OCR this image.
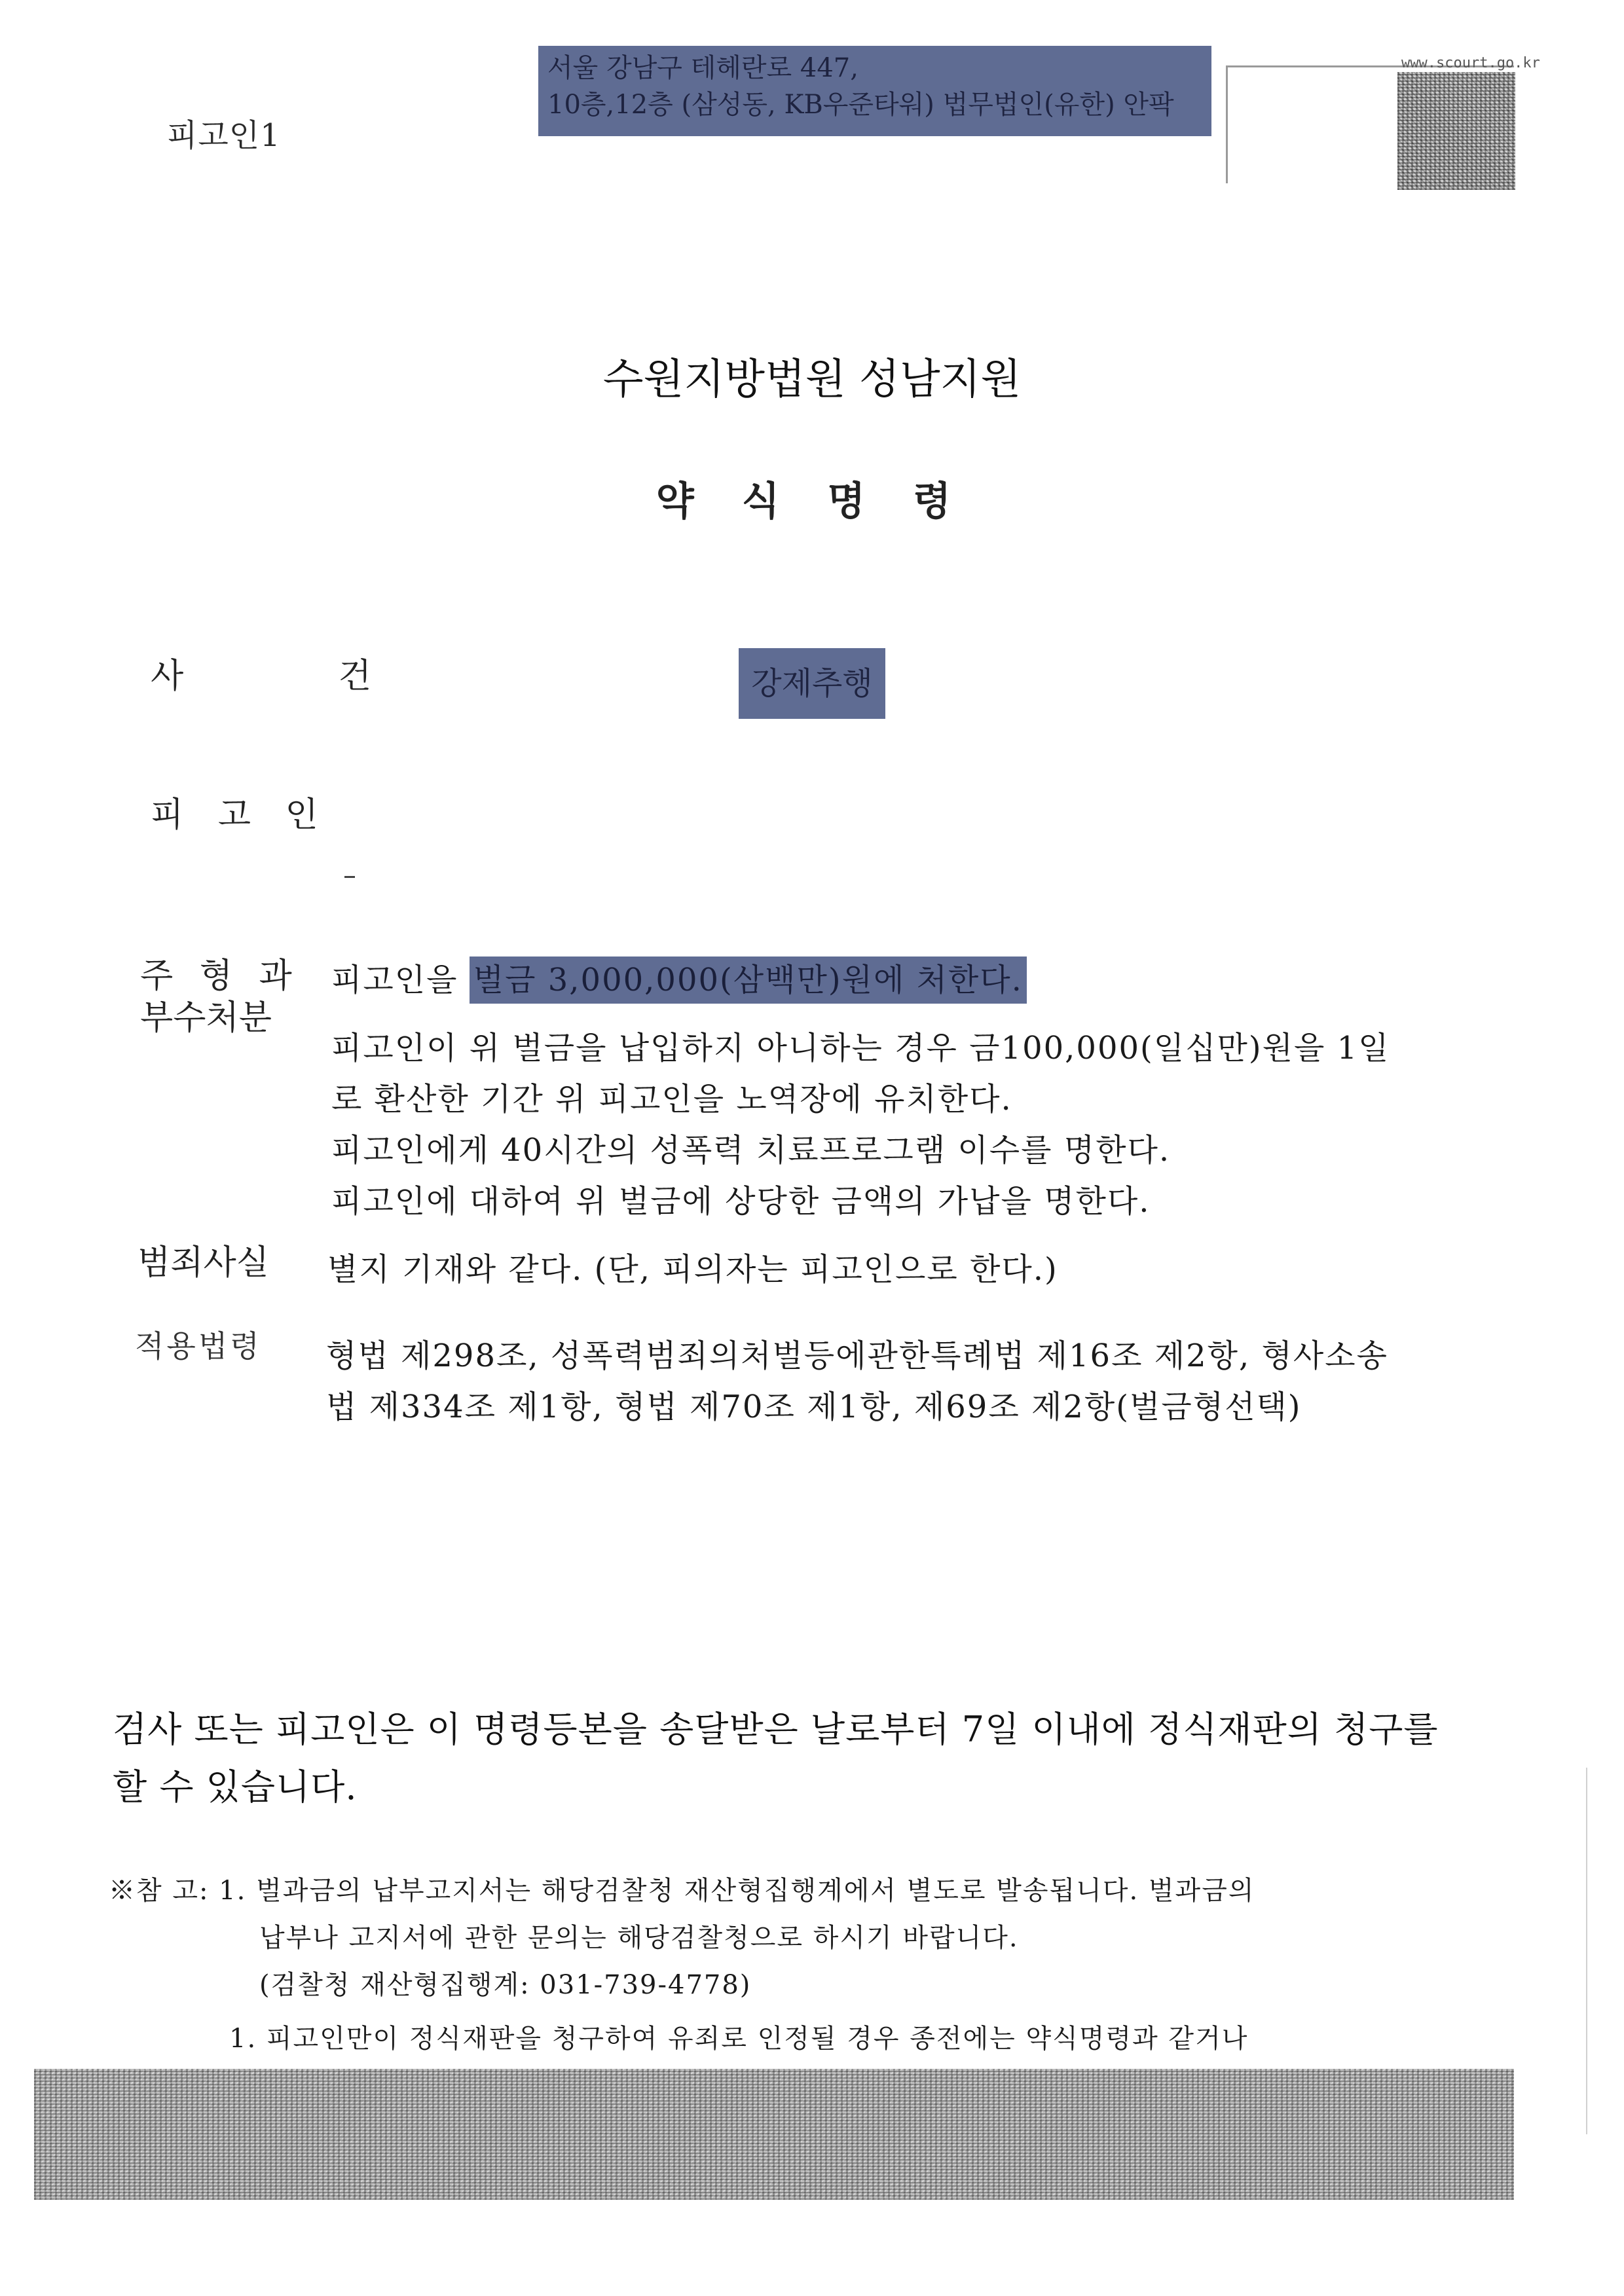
피고인1
서울 강남구 테헤란로 447,
10층,12층 (삼성동, KB우준타워) 법무법인(유한) 안팍
www.scourt.go.kr
수원지방법원 성남지원
약 식 명 령
사 건	강제추행
피 고 인
주 형 과
부수처분
피고인을 벌금 3,000,000(삼백만)원에 처한다.
피고인이 위 벌금을 납입하지 아니하는 경우 금100,000(일십만)원을 1일
로 환산한 기간 위 피고인을 노역장에 유치한다.
피고인에게 40시간의 성폭력 치료프로그램 이수를 명한다.
피고인에 대하여 위 벌금에 상당한 금액의 가납을 명한다.
범죄사실 별지 기재와 같다. (단, 피의자는 피고인으로 한다.)
적용법령 형법 제298조, 성폭력범죄의처벌등에관한특례법 제16조 제2항, 형사소송
법 제334조 제1항, 형법 제70조 제1항, 제69조 제2항(벌금형선택)
검사 또는 피고인은 이 명령등본을 송달받은 날로부터 7일 이내에 정식재판의 청구를 할 수 있습니다.
※참 고: 1. 벌과금의 납부고지서는 해당검찰청 재산형집행계에서 별도로 발송됩니다. 벌과금의
납부나 고지서에 관한 문의는 해당검찰청으로 하시기 바랍니다.
(검찰청 재산형집행계: 031-739-4778)
1. 피고인만이 정식재판을 청구하여 유죄로 인정될 경우 종전에는 약식명령과 같거나
